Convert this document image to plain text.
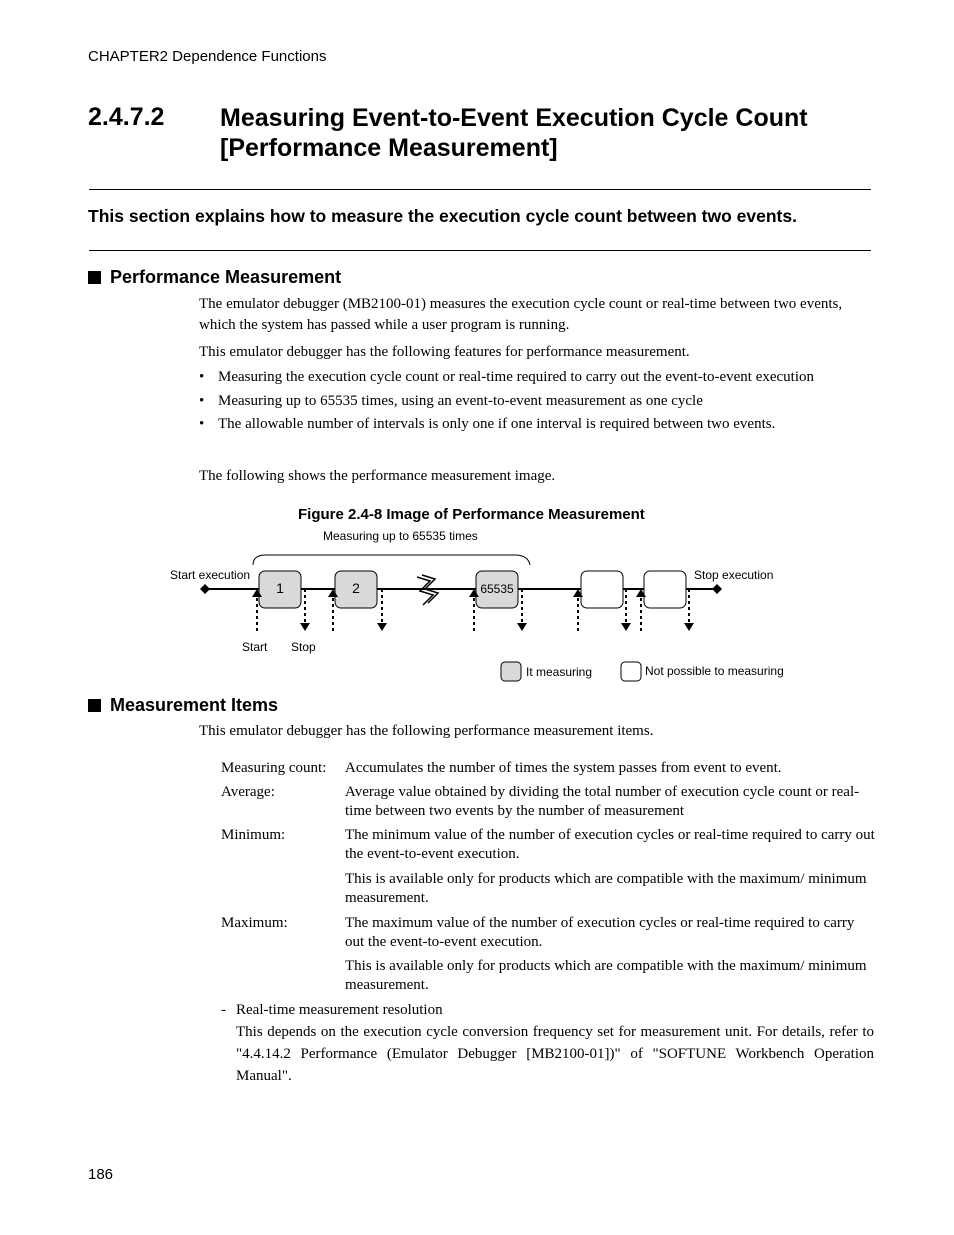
CHAPTER2 Dependence Functions
2.4.7.2 Measuring Event-to-Event Execution Cycle Count [Performance Measurement]
This section explains how to measure the execution cycle count between two events.
Performance Measurement
The emulator debugger (MB2100-01) measures the execution cycle count or real-time between two events, which the system has passed while a user program is running.
This emulator debugger has the following features for performance measurement.
• Measuring the execution cycle count or real-time required to carry out the event-to-event execution
• Measuring up to 65535 times, using an event-to-event measurement as one cycle
• The allowable number of intervals is only one if one interval is required between two events.
The following shows the performance measurement image.
Figure 2.4-8 Image of Performance Measurement
Measuring up to 65535 times
Start execution	Stop execution
1	2	65535
Start Stop
It measuring	Not possible to measuring
Measurement Items
This emulator debugger has the following performance measurement items.
Measuring count: Accumulates the number of times the system passes from event to event.
Average:	Average value obtained by dividing the total number of execution cycle count or real-time between two events by the number of measurement
Minimum:	The minimum value of the number of execution cycles or real-time required to carry out the event-to-event execution.
This is available only for products which are compatible with the maximum/ minimum measurement.
Maximum:	The maximum value of the number of execution cycles or real-time required to carry out the event-to-event execution.
This is available only for products which are compatible with the maximum/ minimum measurement.
- Real-time measurement resolution
This depends on the execution cycle conversion frequency set for measurement unit. For details, refer to "4.4.14.2 Performance (Emulator Debugger [MB2100-01])" of "SOFTUNE Workbench Operation Manual".
186
